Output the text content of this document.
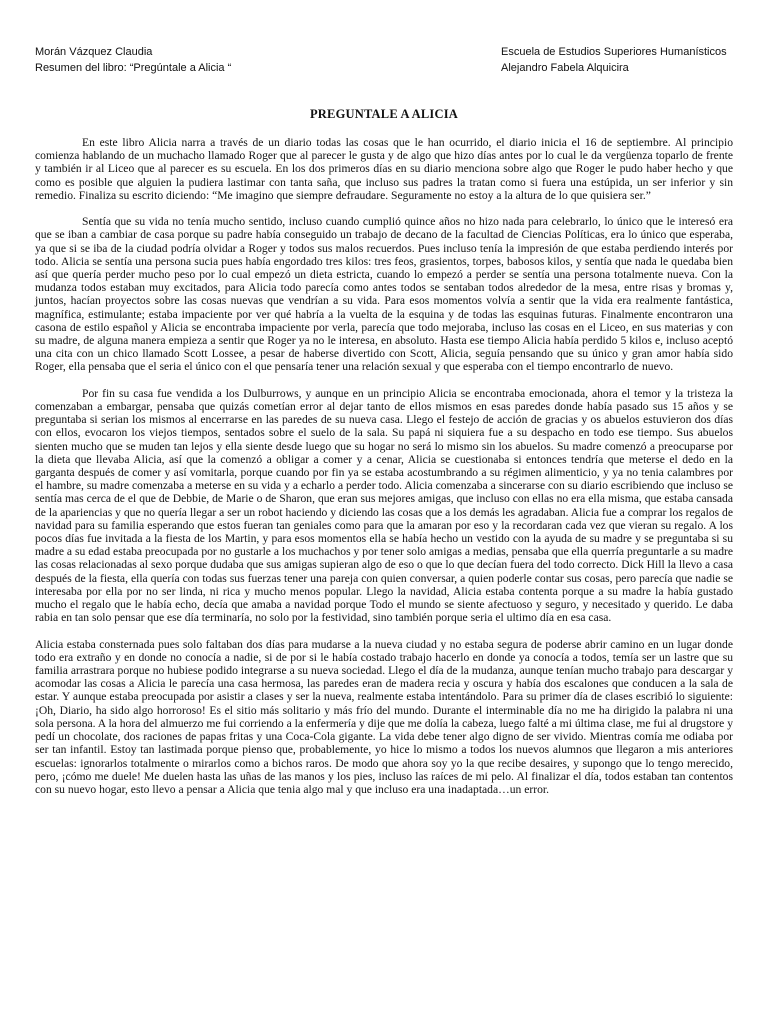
Morán Vázquez Claudia
Resumen del libro: “Pregúntale a Alicia “
Escuela de Estudios Superiores Humanísticos
Alejandro Fabela Alquicira
PREGUNTALE A ALICIA

En este libro Alicia narra a través de un diario todas las cosas que le han ocurrido, el diario inicia el 16 de septiembre. Al principio comienza hablando de un muchacho llamado Roger que al parecer le gusta y de algo que hizo días antes por lo cual le da vergüenza toparlo de frente y también ir al Liceo que al parecer es su escuela. En los dos primeros días en su diario menciona sobre algo que Roger le pudo haber hecho y que como es posible que alguien la pudiera lastimar con tanta saña, que incluso sus padres la tratan como si fuera una estúpida, un ser inferior y sin remedio. Finaliza su escrito diciendo: “Me imagino que siempre defraudare. Seguramente no estoy a la altura de lo que quisiera ser.”

Sentía que su vida no tenía mucho sentido, incluso cuando cumplió quince años no hizo nada para celebrarlo, lo único que le interesó era que se iban a cambiar de casa porque su padre había conseguido un trabajo de decano de la facultad de Ciencias Políticas, era lo único que esperaba, ya que si se iba de la ciudad podría olvidar a Roger y todos sus malos recuerdos. Pues incluso tenía la impresión de que estaba perdiendo interés por todo. Alicia se sentía una persona sucia pues había engordado tres kilos: tres feos, grasientos, torpes, babosos kilos, y sentía que nada le quedaba bien así que quería perder mucho peso por lo cual empezó un dieta estricta, cuando lo empezó a perder se sentía una persona totalmente nueva. Con la mudanza todos estaban muy excitados, para Alicia todo parecía como antes todos se sentaban todos alrededor de la mesa, entre risas y bromas y, juntos, hacían proyectos sobre las cosas nuevas que vendrían a su vida. Para esos momentos volvía a sentir que la vida era realmente fantástica, magnífica, estimulante; estaba impaciente por ver qué habría a la vuelta de la esquina y de todas las esquinas futuras. Finalmente encontraron una casona de estilo español y Alicia se encontraba impaciente por verla, parecía que todo mejoraba, incluso las cosas en el Liceo, en sus materias y con su madre, de alguna manera empieza a sentir que Roger ya no le interesa, en absoluto. Hasta ese tiempo Alicia había perdido 5 kilos e, incluso aceptó una cita con un chico llamado Scott Lossee, a pesar de haberse divertido con Scott, Alicia, seguía pensando que su único y gran amor había sido Roger, ella pensaba que el seria el único con el que pensaría tener una relación sexual y que esperaba con el tiempo encontrarlo de nuevo.

Por fin su casa fue vendida a los Dulburrows, y aunque en un principio Alicia se encontraba emocionada, ahora el temor y la tristeza la comenzaban a embargar, pensaba que quizás cometían error al dejar tanto de ellos mismos en esas paredes donde había pasado sus 15 años y se preguntaba si serian los mismos al encerrarse en las paredes de su nueva casa. Llego el festejo de acción de gracias y os abuelos estuvieron dos días con ellos, evocaron los viejos tiempos, sentados sobre el suelo de la sala. Su papá ni siquiera fue a su despacho en todo ese tiempo. Sus abuelos sienten mucho que se muden tan lejos y ella siente desde luego que su hogar no será lo mismo sin los abuelos. Su madre comenzó a preocuparse por la dieta que llevaba Alicia, así que la comenzó a obligar a comer y a cenar, Alicia se cuestionaba si entonces tendría que meterse el dedo en la garganta después de comer y así vomitarla, porque cuando por fin ya se estaba acostumbrando a su régimen alimenticio, y ya no tenia calambres por el hambre, su madre comenzaba a meterse en su vida y a echarlo a perder todo. Alicia comenzaba a sincerarse con su diario escribiendo que incluso se sentía mas cerca de el que de Debbie, de Marie o de Sharon, que eran sus mejores amigas, que incluso con ellas no era ella misma, que estaba cansada de la apariencias y que no quería llegar a ser un robot haciendo y diciendo las cosas que a los demás les agradaban. Alicia fue a comprar los regalos de navidad para su familia esperando que estos fueran tan geniales como para que la amaran por eso y la recordaran cada vez que vieran su regalo. A los pocos días fue invitada a la fiesta de los Martin, y para esos momentos ella se había hecho un vestido con la ayuda de su madre y se preguntaba si su madre a su edad estaba preocupada por no gustarle a los muchachos y por tener solo amigas a medias, pensaba que ella querría preguntarle a su madre las cosas relacionadas al sexo porque dudaba que sus amigas supieran algo de eso o que lo que decían fuera del todo correcto. Dick Hill la llevo a casa después de la fiesta, ella quería con todas sus fuerzas tener una pareja con quien conversar, a quien poderle contar sus cosas, pero parecía que nadie se interesaba por ella por no ser linda, ni rica y mucho menos popular. Llego la navidad, Alicia estaba contenta porque a su madre la había gustado mucho el regalo que le había echo, decía que amaba a navidad porque Todo el mundo se siente afectuoso y seguro, y necesitado y querido. Le daba rabia en tan solo pensar que ese día terminaría, no solo por la festividad, sino también porque seria el ultimo día en esa casa.

Alicia estaba consternada pues solo faltaban dos días para mudarse a la nueva ciudad y no estaba segura de poderse abrir camino en un lugar donde todo era extraño y en donde no conocía a nadie, si de por si le había costado trabajo hacerlo en donde ya conocía a todos, temía ser un lastre que su familia arrastrara porque no hubiese podido integrarse a su nueva sociedad. Llego el día de la mudanza, aunque tenían mucho trabajo para descargar y acomodar las cosas a Alicia le parecía una casa hermosa, las paredes eran de madera recia y oscura y había dos escalones que conducen a la sala de estar. Y aunque estaba preocupada por asistir a clases y ser la nueva, realmente estaba intentándolo. Para su primer día de clases escribió lo siguiente: ¡Oh, Diario, ha sido algo horroroso! Es el sitio más solitario y más frío del mundo. Durante el interminable día no me ha dirigido la palabra ni una sola persona. A la hora del almuerzo me fui corriendo a la enfermería y dije que me dolía la cabeza, luego falté a mi última clase, me fui al drugstore y pedí un chocolate, dos raciones de papas fritas y una Coca-Cola gigante. La vida debe tener algo digno de ser vivido. Mientras comía me odiaba por ser tan infantil. Estoy tan lastimada porque pienso que, probablemente, yo hice lo mismo a todos los nuevos alumnos que llegaron a mis anteriores escuelas: ignorarlos totalmente o mirarlos como a bichos raros. De modo que ahora soy yo la que recibe desaires, y supongo que lo tengo merecido, pero, ¡cómo me duele! Me duelen hasta las uñas de las manos y los pies, incluso las raíces de mi pelo. Al finalizar el día, todos estaban tan contentos con su nuevo hogar, esto llevo a pensar a Alicia que tenia algo mal y que incluso era una inadaptada…un error.
